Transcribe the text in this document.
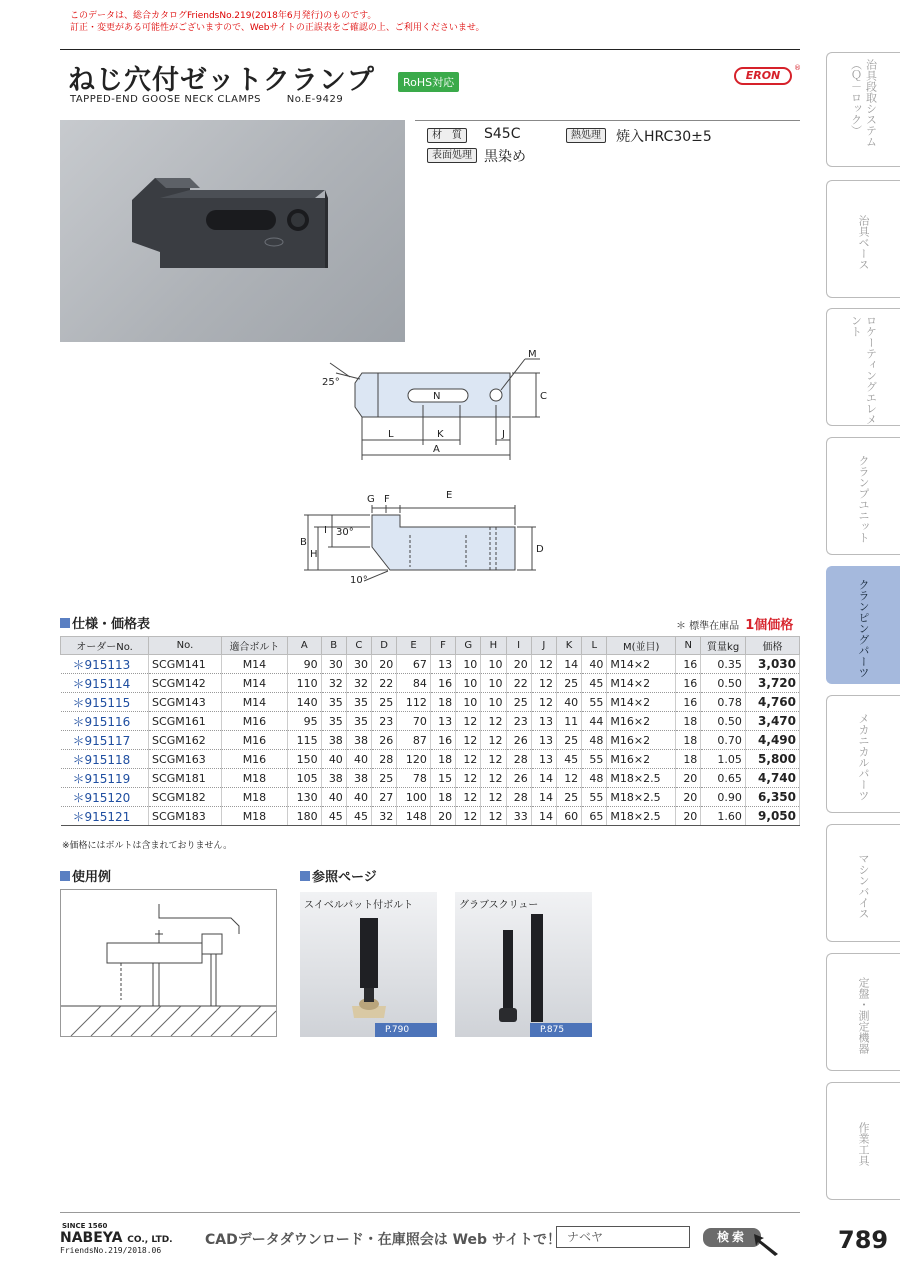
このデータは、総合カタログFriendsNo.219(2018年6月発行)のものです。
訂正・変更がある可能性がございますので、Webサイトの正誤表をご確認の上、ご利用くださいませ。
ねじ穴付ゼットクランプ	RoHS対応
ERON
®
TAPPED-END GOOSE NECK CLAMPS	No.E-9429
材　質	S45C	熱処理	焼入HRC30±5
表面処理 黒染め
25°
M
N	C
L	K	J
A
G F	E
B
H
I 30°
10°
D
治具段取システム（Ｑ－ロック）
治具ベース
ロケーティングエレメント
クランプユニット
クランピングパーツ
メカニカルパーツ
マシンバイス
定盤・測定機器
作業工具
仕様・価格表	＊ 標準在庫品 1個価格
オーダーNo.	No.	適合ボルト	A	B	C	D	E	F	G	H	I	J	K	L	M(並目)	N	質量kg	価格
＊915113	SCGM141	M14	90	30	30	20	67	13	10	10	20	12	14	40	M14×2	16	0.35	3,030
＊915114	SCGM142	M14	110	32	32	22	84	16	10	10	22	12	25	45	M14×2	16	0.50	3,720
＊915115	SCGM143	M14	140	35	35	25	112	18	10	10	25	12	40	55	M14×2	16	0.78	4,760
＊915116	SCGM161	M16	95	35	35	23	70	13	12	12	23	13	11	44	M16×2	18	0.50	3,470
＊915117	SCGM162	M16	115	38	38	26	87	16	12	12	26	13	25	48	M16×2	18	0.70	4,490
＊915118	SCGM163	M16	150	40	40	28	120	18	12	12	28	13	45	55	M16×2	18	1.05	5,800
＊915119	SCGM181	M18	105	38	38	25	78	15	12	12	26	14	12	48	M18×2.5	20	0.65	4,740
＊915120	SCGM182	M18	130	40	40	27	100	18	12	12	28	14	25	55	M18×2.5	20	0.90	6,350
＊915121	SCGM183	M18	180	45	45	32	148	20	12	12	33	14	60	65	M18×2.5	20	1.60	9,050
※価格にはボルトは含まれておりません。
使用例	参照ページ
スイベルパット付ボルト
P.790
グラブスクリュー
P.875
SINCE 1560
NABEYA CO., LTD.
FriendsNo.219/2018.06
CADデータダウンロード・在庫照会は Web サイトで！ ナベヤ	検索	789
